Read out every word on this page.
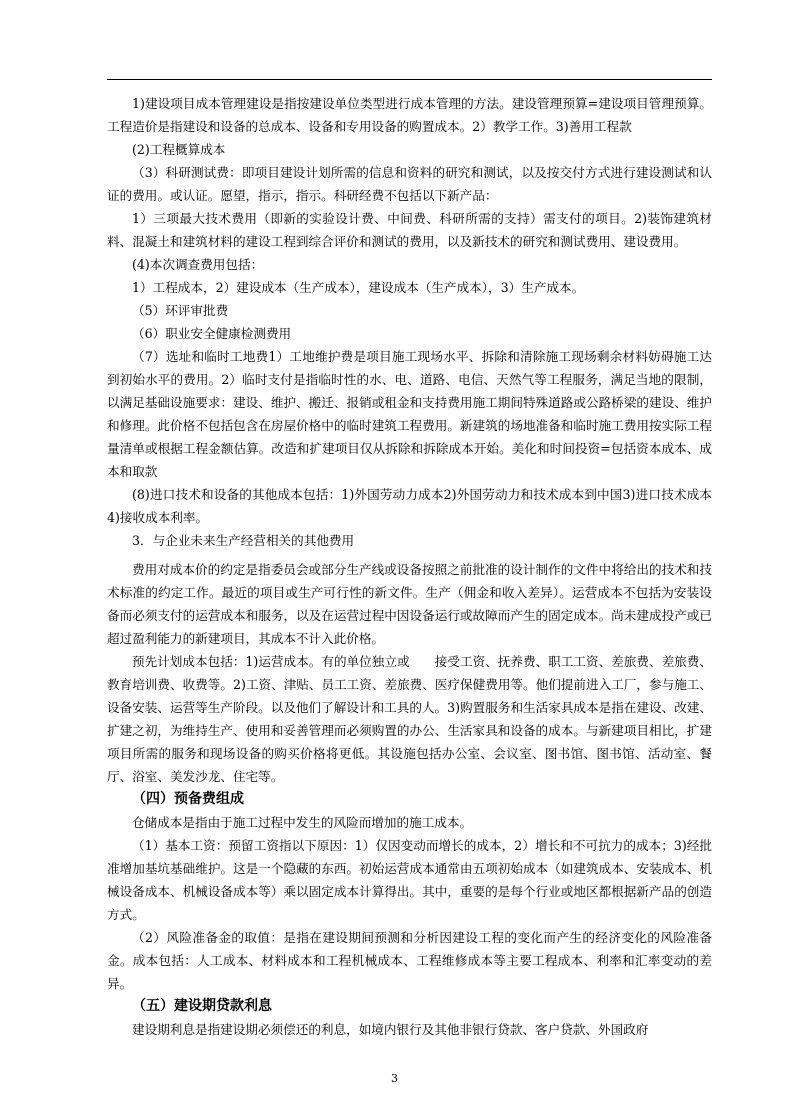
1)建设项目成本管理建设是指按建设单位类型进行成本管理的方法。建设管理预算=建设项目管理预算。工程造价是指建设和设备的总成本、设备和专用设备的购置成本。2）教学工作。3)善用工程款

(2)工程概算成本

（3）科研测试费：即项目建设计划所需的信息和资料的研究和测试，以及按交付方式进行建设测试和认证的费用。或认证。愿望，指示，指示。科研经费不包括以下新产品：

1）三项最大技术费用（即新的实验设计费、中间费、科研所需的支持）需支付的项目。2)装饰建筑材料、混凝土和建筑材料的建设工程到综合评价和测试的费用，以及新技术的研究和测试费用、建设费用。

(4)本次调查费用包括：

1）工程成本，2）建设成本（生产成本），建设成本（生产成本），3）生产成本。

（5）环评审批费

（6）职业安全健康检测费用

（7）选址和临时工地费1）工地维护费是项目施工现场水平、拆除和清除施工现场剩余材料妨碍施工达到初始水平的费用。2）临时支付是指临时性的水、电、道路、电信、天然气等工程服务，满足当地的限制，以满足基础设施要求：建设、维护、搬迁、报销或租金和支持费用施工期间特殊道路或公路桥梁的建设、维护和修理。此价格不包括包含在房屋价格中的临时建筑工程费用。新建筑的场地准备和临时施工费用按实际工程量清单或根据工程金额估算。改造和扩建项目仅从拆除和拆除成本开始。美化和时间投资=包括资本成本、成本和取款

(8)进口技术和设备的其他成本包括：1)外国劳动力成本2)外国劳动力和技术成本到中国3)进口技术成本4)接收成本利率。

3．与企业未来生产经营相关的其他费用

费用对成本价的约定是指委员会或部分生产线或设备按照之前批准的设计制作的文件中将给出的技术和技术标准的约定工作。最近的项目或生产可行性的新文件。生产（佣金和收入差异）。运营成本不包括为安装设备而必须支付的运营成本和服务，以及在运营过程中因设备运行或故障而产生的固定成本。尚未建成投产或已超过盈利能力的新建项目，其成本不计入此价格。

预先计划成本包括：1)运营成本。有的单位独立或　　接受工资、抚养费、职工工资、差旅费、差旅费、教育培训费、收费等。2)工资、津贴、员工工资、差旅费、医疗保健费用等。他们提前进入工厂，参与施工、设备安装、运营等生产阶段。以及他们了解设计和工具的人。3)购置服务和生活家具成本是指在建设、改建、扩建之初，为维持生产、使用和妥善管理而必须购置的办公、生活家具和设备的成本。与新建项目相比，扩建项目所需的服务和现场设备的购买价格将更低。其设施包括办公室、会议室、图书馆、图书馆、活动室、餐厅、浴室、美发沙龙、住宅等。

（四）预备费组成

仓储成本是指由于施工过程中发生的风险而增加的施工成本。

（1）基本工资：预留工资指以下原因：1）仅因变动而增长的成本，2）增长和不可抗力的成本；3)经批准增加基坑基础维护。这是一个隐藏的东西。初始运营成本通常由五项初始成本（如建筑成本、安装成本、机械设备成本、机械设备成本等）乘以固定成本计算得出。其中，重要的是每个行业或地区都根据新产品的创造方式。

（2）风险准备金的取值：是指在建设期间预测和分析因建设工程的变化而产生的经济变化的风险准备金。成本包括：人工成本、材料成本和工程机械成本、工程维修成本等主要工程成本、利率和汇率变动的差异。

（五）建设期贷款利息

建设期利息是指建设期必须偿还的利息，如境内银行及其他非银行贷款、客户贷款、外国政府

3
